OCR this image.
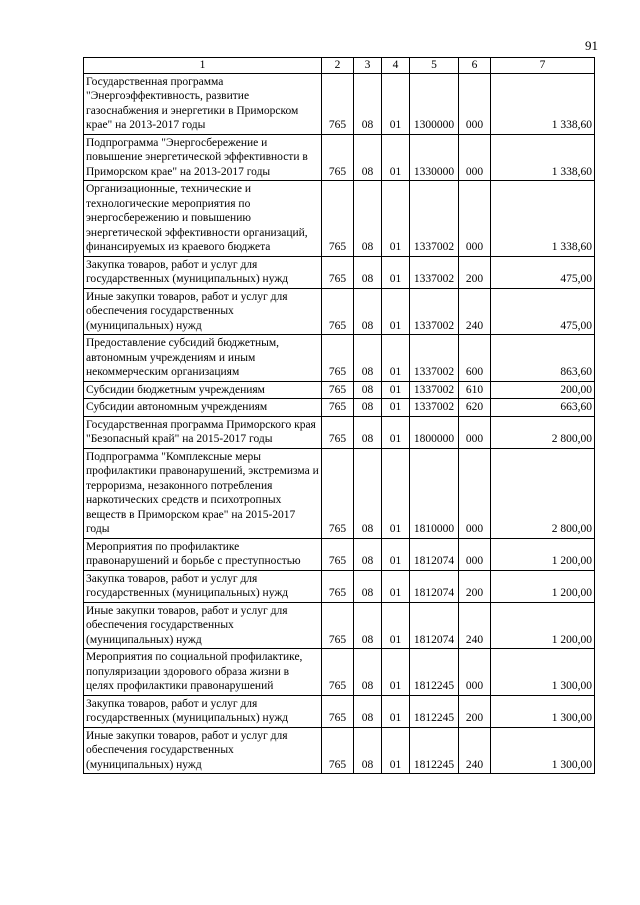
91
1	2	3	4	5	6	7
Государственная программа "Энергоэффективность, развитие газоснабжения и энергетики в Приморском крае" на 2013-2017 годы	765	08	01	1300000	000	1 338,60
Подпрограмма "Энергосбережение и повышение энергетической эффективности в Приморском крае" на 2013-2017 годы	765	08	01	1330000	000	1 338,60
Организационные, технические и технологические мероприятия по энергосбережению и повышению энергетической эффективности организаций, финансируемых из краевого бюджета	765	08	01	1337002	000	1 338,60
Закупка товаров, работ и услуг для государственных (муниципальных) нужд	765	08	01	1337002	200	475,00
Иные закупки товаров, работ и услуг для обеспечения государственных (муниципальных) нужд	765	08	01	1337002	240	475,00
Предоставление субсидий бюджетным, автономным учреждениям и иным некоммерческим организациям	765	08	01	1337002	600	863,60
Субсидии бюджетным учреждениям	765	08	01	1337002	610	200,00
Субсидии автономным учреждениям	765	08	01	1337002	620	663,60
Государственная программа Приморского края "Безопасный край" на 2015-2017 годы	765	08	01	1800000	000	2 800,00
Подпрограмма "Комплексные меры профилактики правонарушений, экстремизма и терроризма, незаконного потребления наркотических средств и психотропных веществ в Приморском крае" на 2015-2017 годы	765	08	01	1810000	000	2 800,00
Мероприятия по профилактике правонарушений и борьбе с преступностью	765	08	01	1812074	000	1 200,00
Закупка товаров, работ и услуг для государственных (муниципальных) нужд	765	08	01	1812074	200	1 200,00
Иные закупки товаров, работ и услуг для обеспечения государственных (муниципальных) нужд	765	08	01	1812074	240	1 200,00
Мероприятия по социальной профилактике, популяризации здорового образа жизни в целях профилактики правонарушений	765	08	01	1812245	000	1 300,00
Закупка товаров, работ и услуг для государственных (муниципальных) нужд	765	08	01	1812245	200	1 300,00
Иные закупки товаров, работ и услуг для обеспечения государственных (муниципальных) нужд	765	08	01	1812245	240	1 300,00
